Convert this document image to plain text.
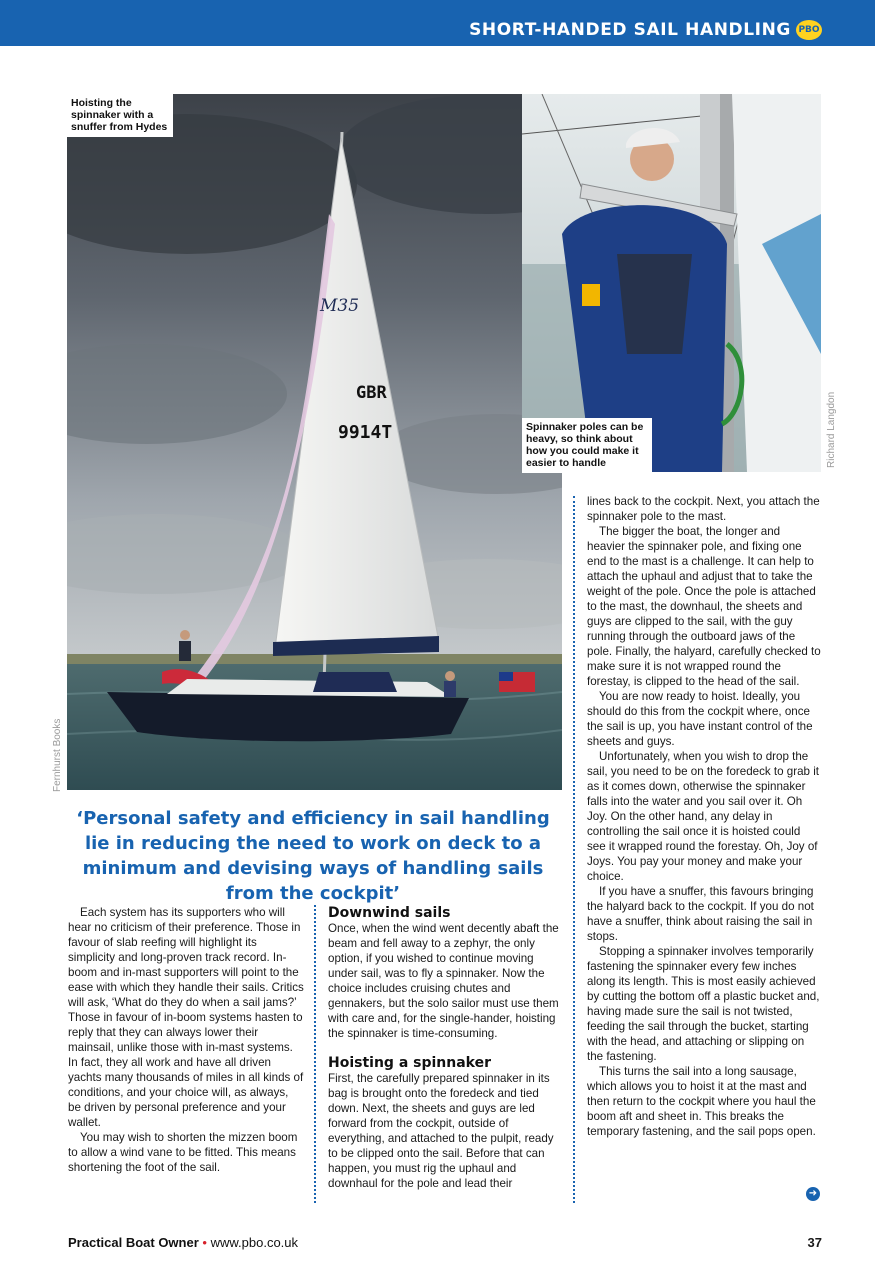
SHORT-HANDED SAIL HANDLING PBO
Hoisting the spinnaker with a snuffer from Hydes
M35
GBR
9914T	Spinnaker poles can be heavy, so think about how you could make it easier to handle
Fernhurst Books
Richard Langdon
‘Personal safety and efficiency in sail handling lie in reducing the need to work on deck to a minimum and devising ways of handling sails from the cockpit’

Each system has its supporters who will hear no criticism of their preference. Those in favour of slab reefing will highlight its simplicity and long-proven track record. In-boom and in-mast supporters will point to the ease with which they handle their sails. Critics will ask, ‘What do they do when a sail jams?’ Those in favour of in-boom systems hasten to reply that they can always lower their mainsail, unlike those with in-mast systems. In fact, they all work and have all driven yachts many thousands of miles in all kinds of conditions, and your choice will, as always, be driven by personal preference and your wallet.

You may wish to shorten the mizzen boom to allow a wind vane to be fitted. This means shortening the foot of the sail.

Downwind sails

Once, when the wind went decently abaft the beam and fell away to a zephyr, the only option, if you wished to continue moving under sail, was to fly a spinnaker. Now the choice includes cruising chutes and gennakers, but the solo sailor must use them with care and, for the single-hander, hoisting the spinnaker is time-consuming.

Hoisting a spinnaker

First, the carefully prepared spinnaker in its bag is brought onto the foredeck and tied down. Next, the sheets and guys are led forward from the cockpit, outside of everything, and attached to the pulpit, ready to be clipped onto the sail. Before that can happen, you must rig the uphaul and downhaul for the pole and lead their

lines back to the cockpit. Next, you attach the spinnaker pole to the mast.

The bigger the boat, the longer and heavier the spinnaker pole, and fixing one end to the mast is a challenge. It can help to attach the uphaul and adjust that to take the weight of the pole. Once the pole is attached to the mast, the downhaul, the sheets and guys are clipped to the sail, with the guy running through the outboard jaws of the pole. Finally, the halyard, carefully checked to make sure it is not wrapped round the forestay, is clipped to the head of the sail.

You are now ready to hoist. Ideally, you should do this from the cockpit where, once the sail is up, you have instant control of the sheets and guys.

Unfortunately, when you wish to drop the sail, you need to be on the foredeck to grab it as it comes down, otherwise the spinnaker falls into the water and you sail over it. Oh Joy. On the other hand, any delay in controlling the sail once it is hoisted could see it wrapped round the forestay. Oh, Joy of Joys. You pay your money and make your choice.

If you have a snuffer, this favours bringing the halyard back to the cockpit. If you do not have a snuffer, think about raising the sail in stops.

Stopping a spinnaker involves temporarily fastening the spinnaker every few inches along its length. This is most easily achieved by cutting the bottom off a plastic bucket and, having made sure the sail is not twisted, feeding the sail through the bucket, starting with the head, and attaching or slipping on the fastening.

This turns the sail into a long sausage, which allows you to hoist it at the mast and then return to the cockpit where you haul the boom aft and sheet in. This breaks the temporary fastening, and the sail pops open.

➜
Practical Boat Owner • www.pbo.co.uk	37
